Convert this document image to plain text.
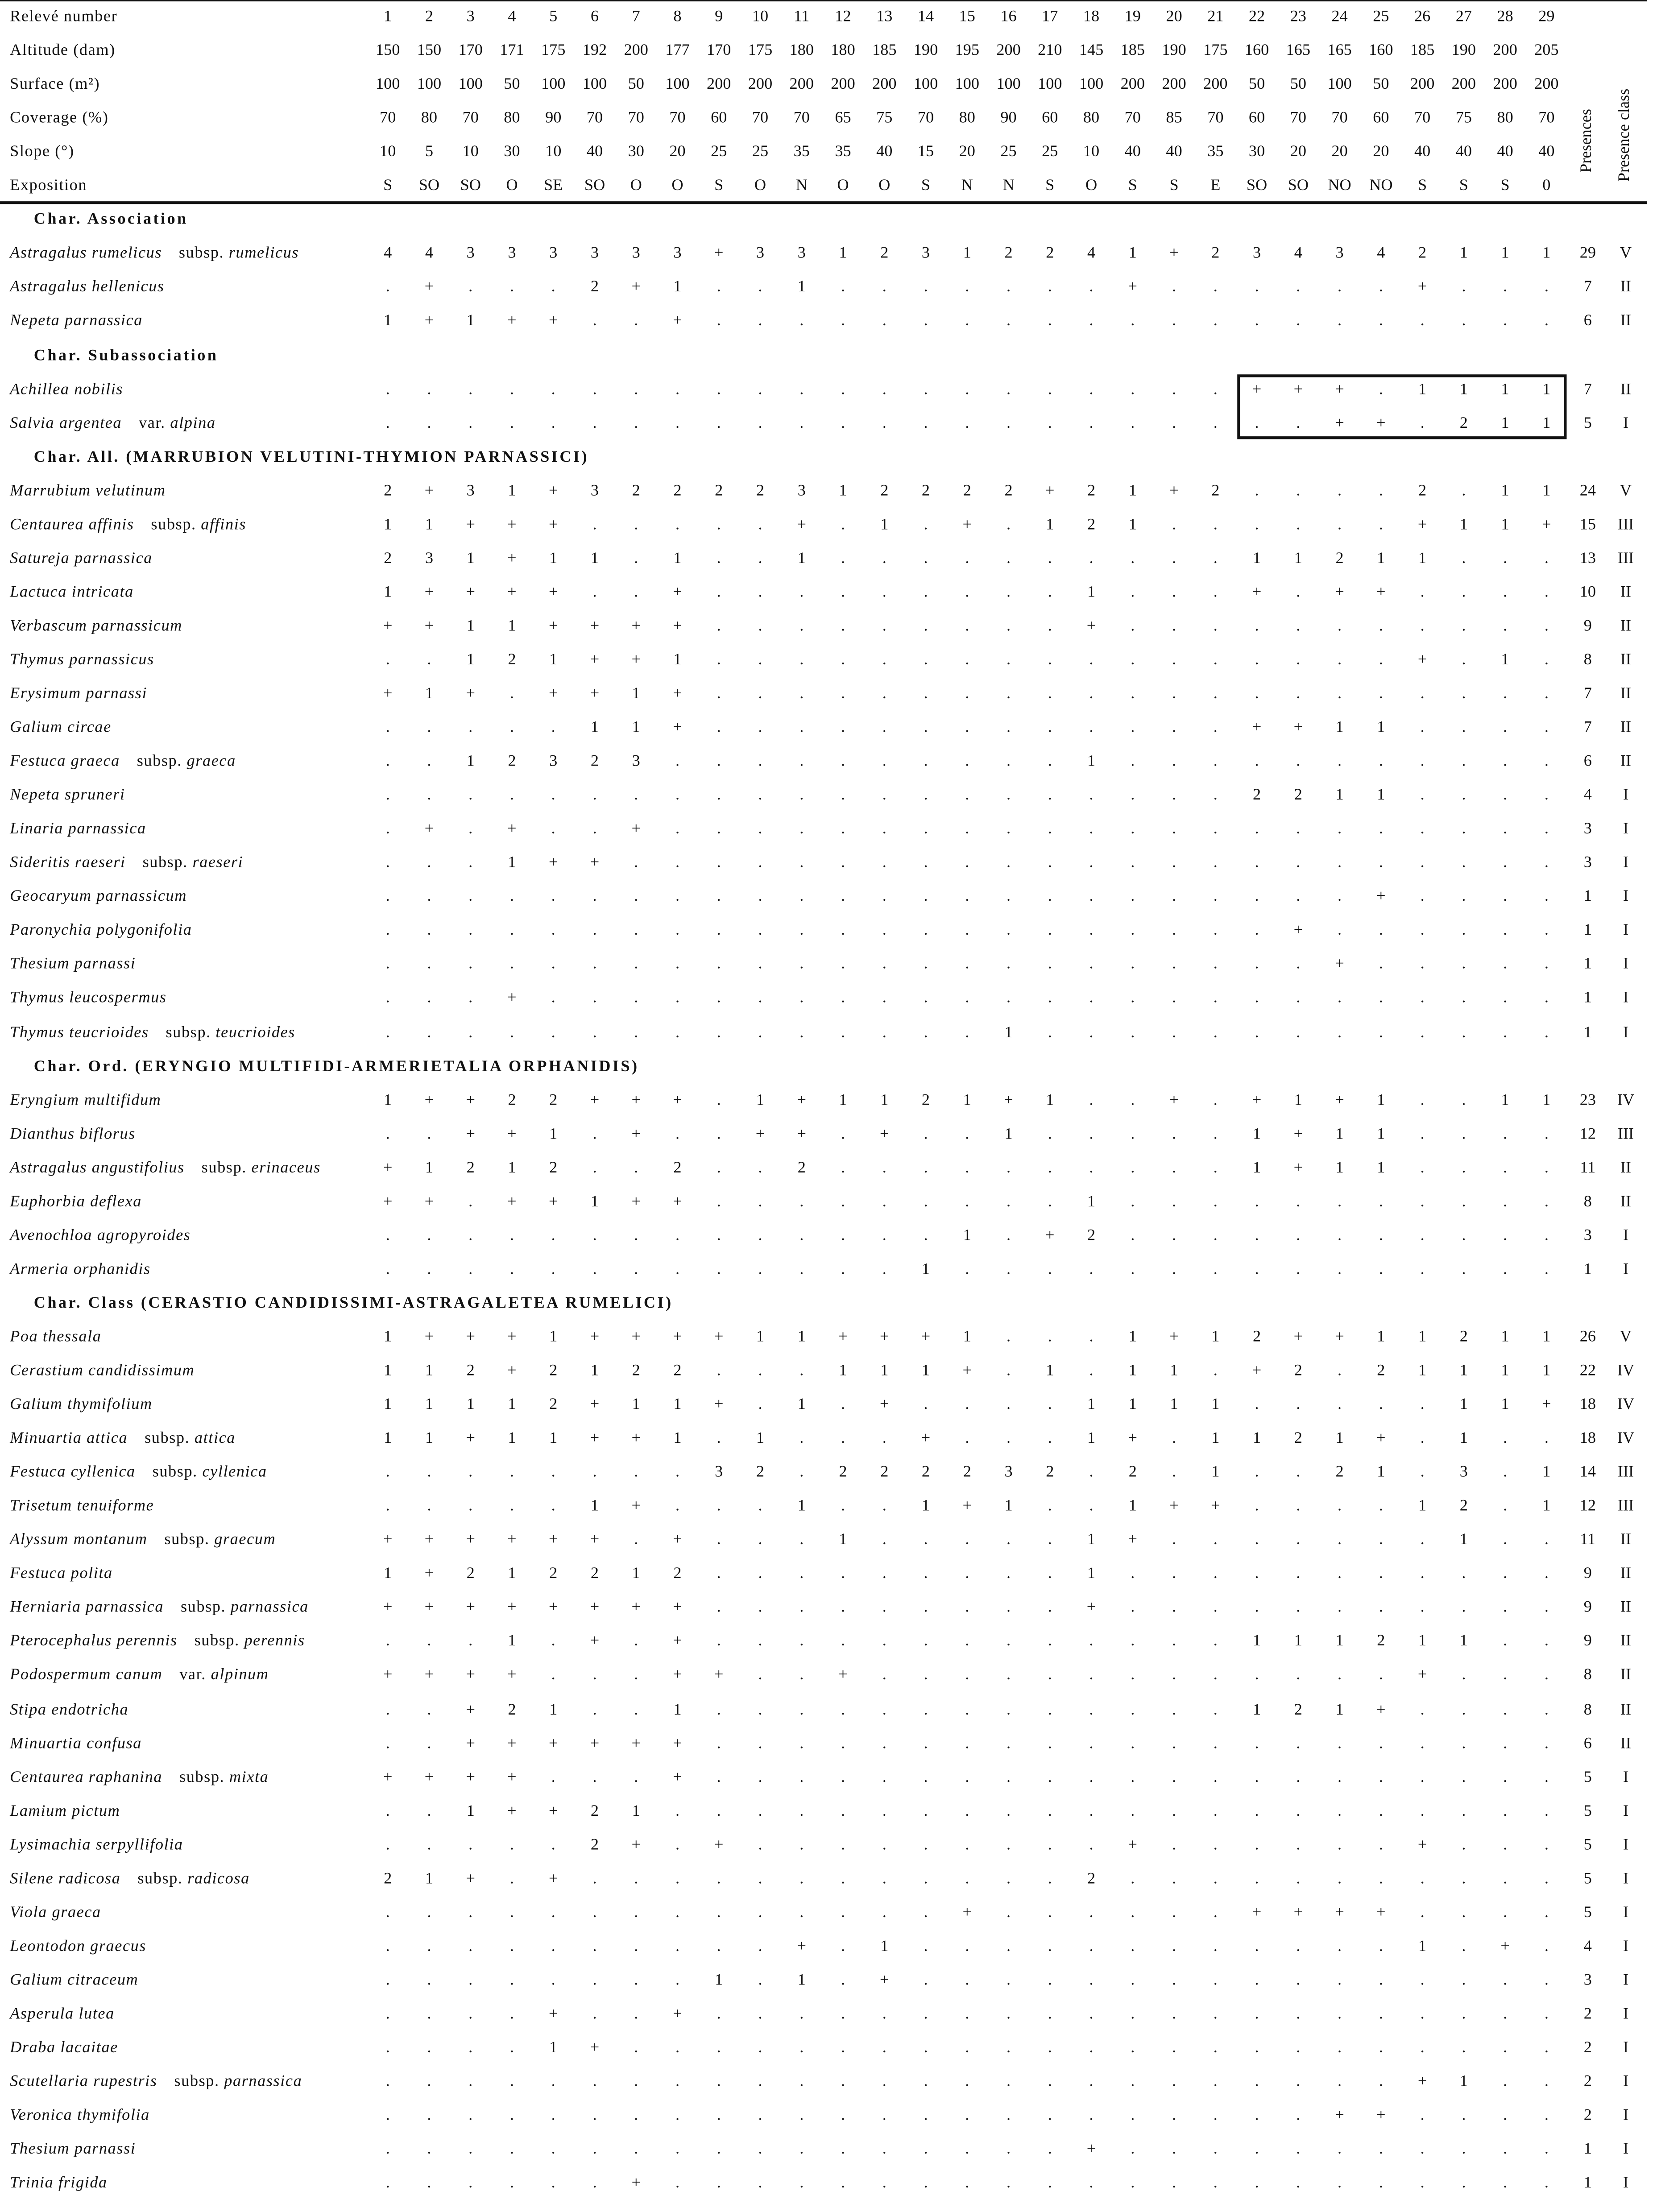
Relevé number	1	2	3	4	5	6	7	8	9	10	11	12	13	14	15	16	17	18	19	20	21	22	23	24	25	26	27	28	29
Altitude (dam)	150	150	170	171	175	192	200	177	170	175	180	180	185	190	195	200	210	145	185	190	175	160	165	165	160	185	190	200	205
Surface (m²)	100	100	100	50	100	100	50	100	200	200	200	200	200	100	100	100	100	100	200	200	200	50	50	100	50	200	200	200	200
Coverage (%)	70	80	70	80	90	70	70	70	60	70	70	65	75	70	80	90	60	80	70	85	70	60	70	70	60	70	75	80	70
Slope (°)	10	5	10	30	10	40	30	20	25	25	35	35	40	15	20	25	25	10	40	40	35	30	20	20	20	40	40	40	40
Exposition	S	SO	SO	O	SE	SO	O	O	S	O	N	O	O	S	N	N	S	O	S	S	E	SO	SO	NO	NO	S	S	S	0
Presences	Presence class
Char. Association
Astragalus rumelicus 	subsp. rumelicus	4	4	3	3	3	3	3	3	+	3	3	1	2	3	1	2	2	4	1	+	2	3	4	3	4	2	1	1	1	29	V
Astragalus hellenicus	.	+	.	.	.	2	+	1	.	.	1	.	.	.	.	.	.	.	+	.	.	.	.	.	.	+	.	.	.	7	II
Nepeta parnassica	1	+	1	+	+	.	.	+	.	.	.	.	.	.	.	.	.	.	.	.	.	.	.	.	.	.	.	.	.	6	II
Char. Subassociation
Achillea nobilis	.	.	.	.	.	.	.	.	.	.	.	.	.	.	.	.	.	.	.	.	.	+	+	+	.	1	1	1	1	7	II
Salvia argentea 	var. alpina	.	.	.	.	.	.	.	.	.	.	.	.	.	.	.	.	.	.	.	.	.	.	.	+	+	.	2	1	1	5	I
Char. All. (MARRUBION VELUTINI-THYMION PARNASSICI)
Marrubium velutinum	2	+	3	1	+	3	2	2	2	2	3	1	2	2	2	2	+	2	1	+	2	.	.	.	.	2	.	1	1	24	V
Centaurea affinis 	subsp. affinis	1	1	+	+	+	.	.	.	.	.	+	.	1	.	+	.	1	2	1	.	.	.	.	.	.	+	1	1	+	15	III
Satureja parnassica	2	3	1	+	1	1	.	1	.	.	1	.	.	.	.	.	.	.	.	.	.	1	1	2	1	1	.	.	.	13	III
Lactuca intricata	1	+	+	+	+	.	.	+	.	.	.	.	.	.	.	.	.	1	.	.	.	+	.	+	+	.	.	.	.	10	II
Verbascum parnassicum	+	+	1	1	+	+	+	+	.	.	.	.	.	.	.	.	.	+	.	.	.	.	.	.	.	.	.	.	.	9	II
Thymus parnassicus	.	.	1	2	1	+	+	1	.	.	.	.	.	.	.	.	.	.	.	.	.	.	.	.	.	+	.	1	.	8	II
Erysimum parnassi	+	1	+	.	+	+	1	+	.	.	.	.	.	.	.	.	.	.	.	.	.	.	.	.	.	.	.	.	.	7	II
Galium circae	.	.	.	.	.	1	1	+	.	.	.	.	.	.	.	.	.	.	.	.	.	+	+	1	1	.	.	.	.	7	II
Festuca graeca 	subsp. graeca	.	.	1	2	3	2	3	.	.	.	.	.	.	.	.	.	.	1	.	.	.	.	.	.	.	.	.	.	.	6	II
Nepeta spruneri	.	.	.	.	.	.	.	.	.	.	.	.	.	.	.	.	.	.	.	.	.	2	2	1	1	.	.	.	.	4	I
Linaria parnassica	.	+	.	+	.	.	+	.	.	.	.	.	.	.	.	.	.	.	.	.	.	.	.	.	.	.	.	.	.	3	I
Sideritis raeseri 	subsp. raeseri	.	.	.	1	+	+	.	.	.	.	.	.	.	.	.	.	.	.	.	.	.	.	.	.	.	.	.	.	.	3	I
Geocaryum parnassicum	.	.	.	.	.	.	.	.	.	.	.	.	.	.	.	.	.	.	.	.	.	.	.	.	+	.	.	.	.	1	I
Paronychia polygonifolia	.	.	.	.	.	.	.	.	.	.	.	.	.	.	.	.	.	.	.	.	.	.	+	.	.	.	.	.	.	1	I
Thesium parnassi	.	.	.	.	.	.	.	.	.	.	.	.	.	.	.	.	.	.	.	.	.	.	.	+	.	.	.	.	.	1	I
Thymus leucospermus	.	.	.	+	.	.	.	.	.	.	.	.	.	.	.	.	.	.	.	.	.	.	.	.	.	.	.	.	.	1	I
Thymus teucrioides 	subsp. teucrioides	.	.	.	.	.	.	.	.	.	.	.	.	.	.	.	1	.	.	.	.	.	.	.	.	.	.	.	.	.	1	I
Char. Ord. (ERYNGIO MULTIFIDI-ARMERIETALIA ORPHANIDIS)
Eryngium multifidum	1	+	+	2	2	+	+	+	.	1	+	1	1	2	1	+	1	.	.	+	.	+	1	+	1	.	.	1	1	23	IV
Dianthus biflorus	.	.	+	+	1	.	+	.	.	+	+	.	+	.	.	1	.	.	.	.	.	1	+	1	1	.	.	.	.	12	III
Astragalus angustifolius 	subsp. erinaceus	+	1	2	1	2	.	.	2	.	.	2	.	.	.	.	.	.	.	.	.	.	1	+	1	1	.	.	.	.	11	II
Euphorbia deflexa	+	+	.	+	+	1	+	+	.	.	.	.	.	.	.	.	.	1	.	.	.	.	.	.	.	.	.	.	.	8	II
Avenochloa agropyroides	.	.	.	.	.	.	.	.	.	.	.	.	.	.	1	.	+	2	.	.	.	.	.	.	.	.	.	.	.	3	I
Armeria orphanidis	.	.	.	.	.	.	.	.	.	.	.	.	.	1	.	.	.	.	.	.	.	.	.	.	.	.	.	.	.	1	I
Char. Class (CERASTIO CANDIDISSIMI-ASTRAGALETEA RUMELICI)
Poa thessala	1	+	+	+	1	+	+	+	+	1	1	+	+	+	1	.	.	.	1	+	1	2	+	+	1	1	2	1	1	26	V
Cerastium candidissimum	1	1	2	+	2	1	2	2	.	.	.	1	1	1	+	.	1	.	1	1	.	+	2	.	2	1	1	1	1	22	IV
Galium thymifolium	1	1	1	1	2	+	1	1	+	.	1	.	+	.	.	.	.	1	1	1	1	.	.	.	.	.	1	1	+	18	IV
Minuartia attica 	subsp. attica	1	1	+	1	1	+	+	1	.	1	.	.	.	+	.	.	.	1	+	.	1	1	2	1	+	.	1	.	.	18	IV
Festuca cyllenica 	subsp. cyllenica	.	.	.	.	.	.	.	.	3	2	.	2	2	2	2	3	2	.	2	.	1	.	.	2	1	.	3	.	1	14	III
Trisetum tenuiforme	.	.	.	.	.	1	+	.	.	.	1	.	.	1	+	1	.	.	1	+	+	.	.	.	.	1	2	.	1	12	III
Alyssum montanum 	subsp. graecum	+	+	+	+	+	+	.	+	.	.	.	1	.	.	.	.	.	1	+	.	.	.	.	.	.	.	1	.	.	11	II
Festuca polita	1	+	2	1	2	2	1	2	.	.	.	.	.	.	.	.	.	1	.	.	.	.	.	.	.	.	.	.	.	9	II
Herniaria parnassica 	subsp. parnassica	+	+	+	+	+	+	+	+	.	.	.	.	.	.	.	.	.	+	.	.	.	.	.	.	.	.	.	.	.	9	II
Pterocephalus perennis 	subsp. perennis	.	.	.	1	.	+	.	+	.	.	.	.	.	.	.	.	.	.	.	.	.	1	1	1	2	1	1	.	.	9	II
Podospermum canum 	var. alpinum	+	+	+	+	.	.	.	+	+	.	.	+	.	.	.	.	.	.	.	.	.	.	.	.	.	+	.	.	.	8	II
Stipa endotricha	.	.	+	2	1	.	.	1	.	.	.	.	.	.	.	.	.	.	.	.	.	1	2	1	+	.	.	.	.	8	II
Minuartia confusa	.	.	+	+	+	+	+	+	.	.	.	.	.	.	.	.	.	.	.	.	.	.	.	.	.	.	.	.	.	6	II
Centaurea raphanina 	subsp. mixta	+	+	+	+	.	.	.	+	.	.	.	.	.	.	.	.	.	.	.	.	.	.	.	.	.	.	.	.	.	5	I
Lamium pictum	.	.	1	+	+	2	1	.	.	.	.	.	.	.	.	.	.	.	.	.	.	.	.	.	.	.	.	.	.	5	I
Lysimachia serpyllifolia	.	.	.	.	.	2	+	.	+	.	.	.	.	.	.	.	.	.	+	.	.	.	.	.	.	+	.	.	.	5	I
Silene radicosa 	subsp. radicosa	2	1	+	.	+	.	.	.	.	.	.	.	.	.	.	.	.	2	.	.	.	.	.	.	.	.	.	.	.	5	I
Viola graeca	.	.	.	.	.	.	.	.	.	.	.	.	.	.	+	.	.	.	.	.	.	+	+	+	+	.	.	.	.	5	I
Leontodon graecus	.	.	.	.	.	.	.	.	.	.	+	.	1	.	.	.	.	.	.	.	.	.	.	.	.	1	.	+	.	4	I
Galium citraceum	.	.	.	.	.	.	.	.	1	.	1	.	+	.	.	.	.	.	.	.	.	.	.	.	.	.	.	.	.	3	I
Asperula lutea	.	.	.	.	+	.	.	+	.	.	.	.	.	.	.	.	.	.	.	.	.	.	.	.	.	.	.	.	.	2	I
Draba lacaitae	.	.	.	.	1	+	.	.	.	.	.	.	.	.	.	.	.	.	.	.	.	.	.	.	.	.	.	.	.	2	I
Scutellaria rupestris 	subsp. parnassica	.	.	.	.	.	.	.	.	.	.	.	.	.	.	.	.	.	.	.	.	.	.	.	.	.	+	1	.	.	2	I
Veronica thymifolia	.	.	.	.	.	.	.	.	.	.	.	.	.	.	.	.	.	.	.	.	.	.	.	+	+	.	.	.	.	2	I
Thesium parnassi	.	.	.	.	.	.	.	.	.	.	.	.	.	.	.	.	.	+	.	.	.	.	.	.	.	.	.	.	.	1	I
Trinia frigida	.	.	.	.	.	.	+	.	.	.	.	.	.	.	.	.	.	.	.	.	.	.	.	.	.	.	.	.	.	1	I
